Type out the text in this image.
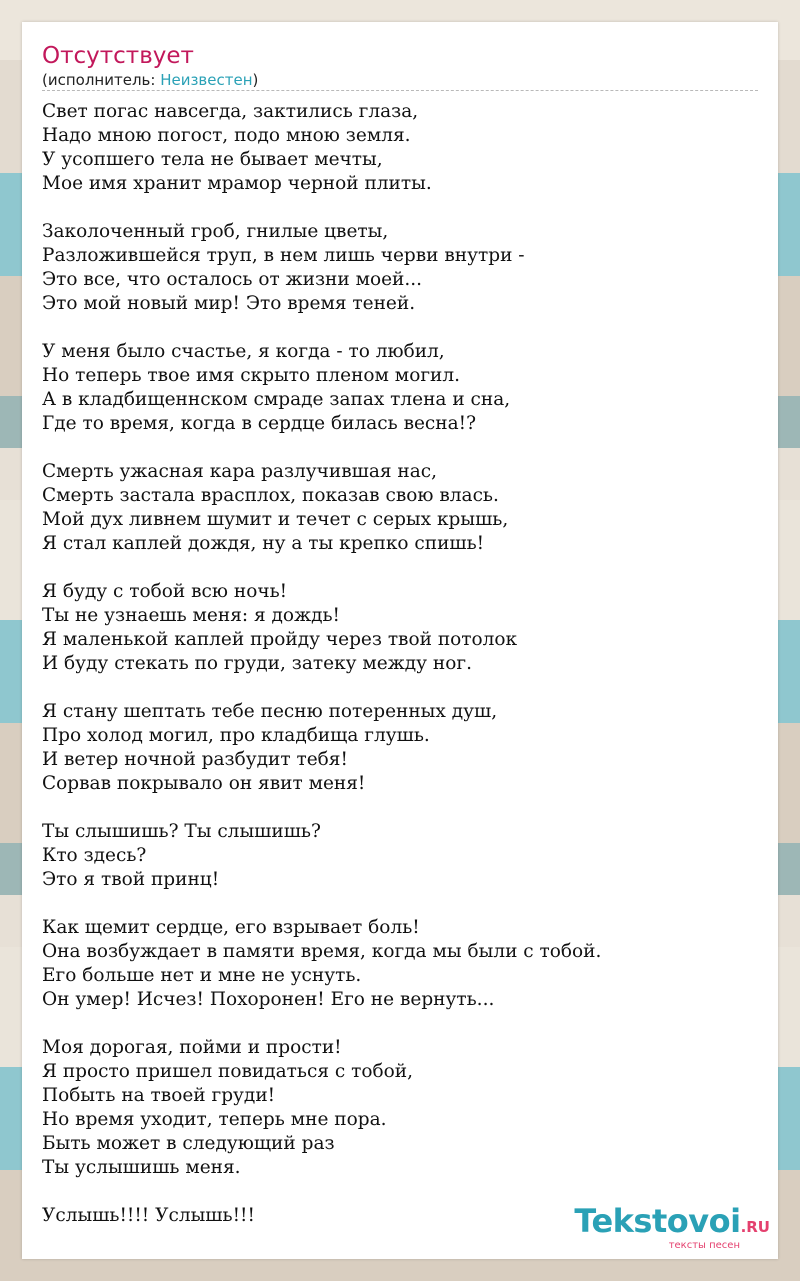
Отсутствует
(исполнитель: Неизвестен)
Свет погас навсегда, зактились глаза,
Надо мною погост, подо мною земля.
У усопшего тела не бывает мечты,
Мое имя хранит мрамор черной плиты.
Заколоченный гроб, гнилые цветы,
Разложившейся труп, в нем лишь черви внутри -
Это все, что осталось от жизни моей...
Это мой новый мир! Это время теней.
У меня было счастье, я когда - то любил,
Но теперь твое имя скрыто пленом могил.
А в кладбищеннском смраде запах тлена и сна,
Где то время, когда в сердце билась весна!?
Смерть ужасная кара разлучившая нас,
Смерть застала врасплох, показав свою влась.
Мой дух ливнем шумит и течет с серых крышь,
Я стал каплей дождя, ну а ты крепко спишь!
Я буду с тобой всю ночь!
Ты не узнаешь меня: я дождь!
Я маленькой каплей пройду через твой потолок
И буду стекать по груди, затеку между ног.
Я стану шептать тебе песню потеренных душ,
Про холод могил, про кладбища глушь.
И ветер ночной разбудит тебя!
Сорвав покрывало он явит меня!
Ты слышишь? Ты слышишь?
Кто здесь?
Это я твой принц!
Как щемит сердце, его взрывает боль!
Она возбуждает в памяти время, когда мы были с тобой.
Его больше нет и мне не уснуть.
Он умер! Исчез! Похоронен! Его не вернуть...
Моя дорогая, пойми и прости!
Я просто пришел повидаться с тобой,
Побыть на твоей груди!
Но время уходит, теперь мне пора.
Быть может в следующий раз
Ты услышишь меня.
Услышь!!!! Услышь!!!	Tekstovoi.RU
тексты песен
